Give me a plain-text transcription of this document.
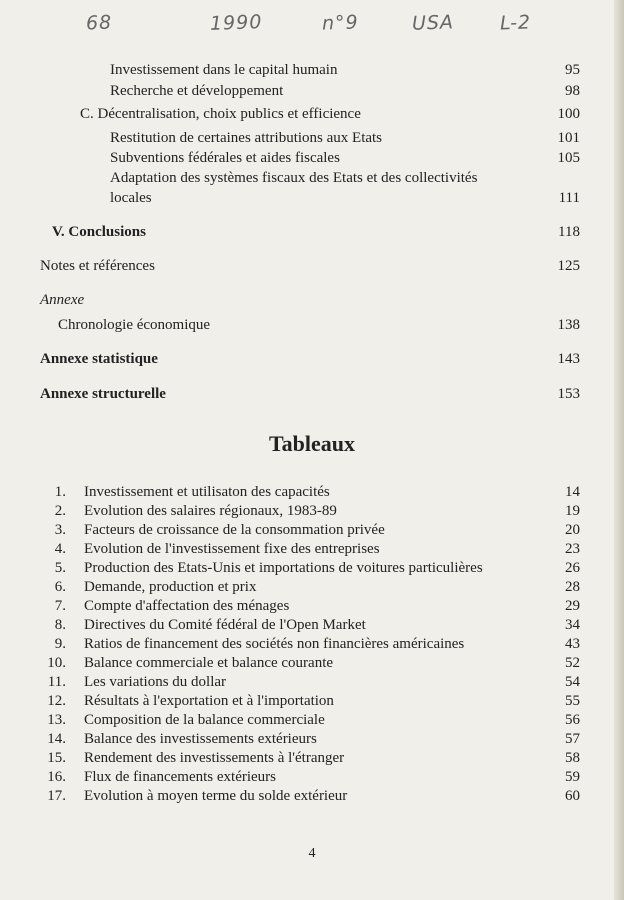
68	1990	n°9	USA L-2
Investissement dans le capital humain	95
Recherche et développement	98
C. Décentralisation, choix publics et efficience	100
Restitution de certaines attributions aux Etats	101
Subventions fédérales et aides fiscales	105
Adaptation des systèmes fiscaux des Etats et des collectivités
locales	111
V. Conclusions	118
Notes et références	125
Annexe
Chronologie économique	138
Annexe statistique	143
Annexe structurelle	153
Tableaux
1. Investissement et utilisaton des capacités	14
2. Evolution des salaires régionaux, 1983-89	19
3. Facteurs de croissance de la consommation privée	20
4. Evolution de l'investissement fixe des entreprises	23
5. Production des Etats-Unis et importations de voitures particulières	26
6. Demande, production et prix	28
7. Compte d'affectation des ménages	29
8. Directives du Comité fédéral de l'Open Market	34
9. Ratios de financement des sociétés non financières américaines	43
10. Balance commerciale et balance courante	52
11. Les variations du dollar	54
12. Résultats à l'exportation et à l'importation	55
13. Composition de la balance commerciale	56
14. Balance des investissements extérieurs	57
15. Rendement des investissements à l'étranger	58
16. Flux de financements extérieurs	59
17. Evolution à moyen terme du solde extérieur	60
4
